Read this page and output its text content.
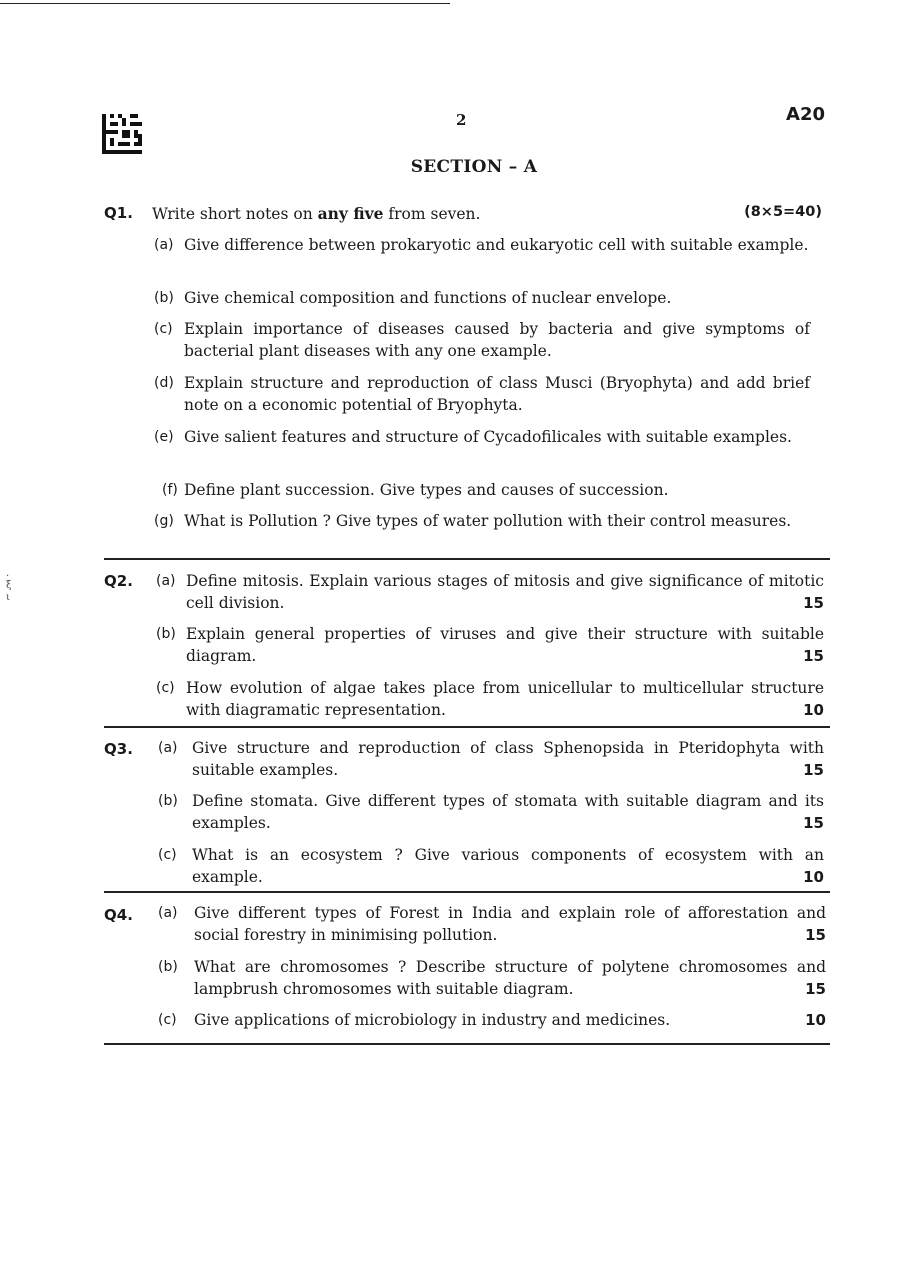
2	A20
SECTION – A
Q1. Write short notes on any five from seven.	(8×5=40)
(a) Give difference between prokaryotic and eukaryotic cell with suitable example.
(b) Give chemical composition and functions of nuclear envelope.
(c) Explain importance of diseases caused by bacteria and give symptoms of bacterial plant diseases with any one example.
(d) Explain structure and reproduction of class Musci (Bryophyta) and add brief note on a economic potential of Bryophyta.
(e) Give salient features and structure of Cycadofilicales with suitable examples.
(f) Define plant succession. Give types and causes of succession.
(g) What is Pollution ? Give types of water pollution with their control measures.
.
ξ
ι
Q2. (a) Define mitosis. Explain various stages of mitosis and give significance of mitotic cell division.	15
(b) Explain general properties of viruses and give their structure with suitable diagram.	15
(c) How evolution of algae takes place from unicellular to multicellular structure with diagramatic representation.	10
Q3. (a) Give structure and reproduction of class Sphenopsida in Pteridophyta with suitable examples.	15
(b) Define stomata. Give different types of stomata with suitable diagram and its examples.	15
(c) What is an ecosystem ? Give various components of ecosystem with an example.	10
Q4. (a) Give different types of Forest in India and explain role of afforestation and social forestry in minimising pollution.	15
(b) What are chromosomes ? Describe structure of polytene chromosomes and lampbrush chromosomes with suitable diagram.	15
(c) Give applications of microbiology in industry and medicines.	10
